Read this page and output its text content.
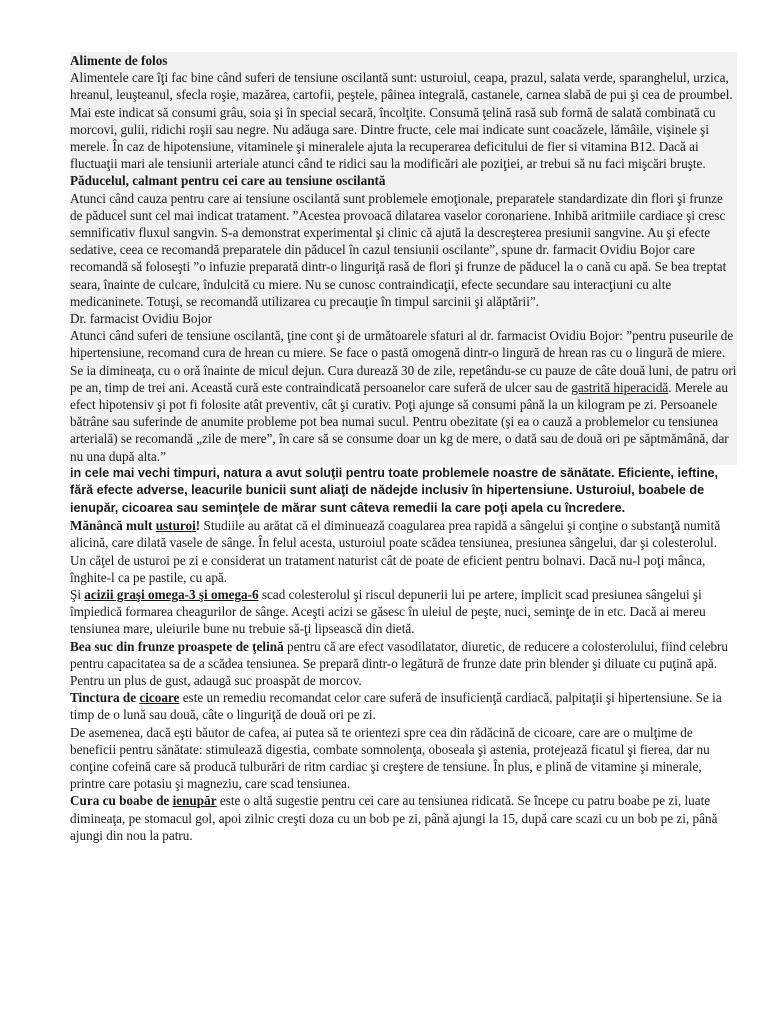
Alimente de folos

Alimentele care îţi fac bine când suferi de tensiune oscilantă sunt: usturoiul, ceapa, prazul, salata verde, sparanghelul, urzica, hreanul, leuşteanul, sfecla roşie, mazărea, cartofii, peştele, pâinea integrală, castanele, carnea slabă de pui şi cea de proumbel. Mai este indicat să consumi grâu, soia şi în special secară, încolţite. Consumă ţelină rasă sub formă de salată combinată cu morcovi, gulii, ridichi roşii sau negre. Nu adăuga sare. Dintre fructe, cele mai indicate sunt coacăzele, lămâile, vişinele şi merele. În caz de hipotensiune, vitaminele şi mineralele ajuta la recuperarea deficitului de fier si vitamina B12. Dacă ai fluctuaţii mari ale tensiunii arteriale atunci când te ridici sau la modificări ale poziţiei, ar trebui să nu faci mişcări bruşte.

Păducelul, calmant pentru cei care au tensiune oscilantă

Atunci când cauza pentru care ai tensiune oscilantă sunt problemele emoţionale, preparatele standardizate din flori şi frunze de păducel sunt cel mai indicat tratament. ”Acestea provoacă dilatarea vaselor coronariene. Inhibă aritmiile cardiace şi cresc semnificativ fluxul sangvin. S-a demonstrat experimental şi clinic că ajută la descreşterea presiunii sangvine. Au şi efecte sedative, ceea ce recomandă preparatele din păducel în cazul tensiunii oscilante”, spune dr. farmacit Ovidiu Bojor care recomandă să foloseşti ”o infuzie preparată dintr-o linguriţă rasă de flori şi frunze de păducel la o cană cu apă. Se bea treptat seara, înainte de culcare, îndulcită cu miere. Nu se cunosc contraindicaţii, efecte secundare sau interacţiuni cu alte medicaninete. Totuşi, se recomandă utilizarea cu precauţie în timpul sarcinii şi alăptării”.

Dr. farmacist Ovidiu Bojor

Atunci când suferi de tensiune oscilantă, ţine cont şi de următoarele sfaturi al dr. farmacist Ovidiu Bojor: ”pentru puseurile de hipertensiune, recomand cura de hrean cu miere. Se face o pastă omogenă dintr-o lingură de hrean ras cu o lingură de miere. Se ia dimineaţa, cu o oră înainte de micul dejun. Cura durează 30 de zile, repetându-se cu pauze de câte două luni, de patru ori pe an, timp de trei ani. Această cură este contraindicată persoanelor care suferă de ulcer sau de gastrită hiperacidă. Merele au efect hipotensiv şi pot fi folosite atât preventiv, cât şi curativ. Poţi ajunge să consumi până la un kilogram pe zi. Persoanele bătrâne sau suferinde de anumite probleme pot bea numai sucul. Pentru obezitate (şi ea o cauză a problemelor cu tensiunea arterială) se recomandă „zile de mere”, în care să se consume doar un kg de mere, o dată sau de două ori pe săptmămână, dar nu una după alta.”

in cele mai vechi timpuri, natura a avut soluţii pentru toate problemele noastre de sănătate. Eficiente, ieftine, fără efecte adverse, leacurile bunicii sunt aliaţi de nădejde inclusiv în hipertensiune. Usturoiul, boabele de ienupăr, cicoarea sau seminţele de mărar sunt câteva remedii la care poţi apela cu încredere.

Mănâncă mult usturoi! Studiile au arătat că el diminuează coagularea prea rapidă a sângelui şi conţine o substanţă numită alicină, care dilată vasele de sânge. În felul acesta, usturoiul poate scădea tensiunea, presiunea sângelui, dar şi colesterolul.

Un căţel de usturoi pe zi e considerat un tratament naturist cât de poate de eficient pentru bolnavi. Dacă nu-l poţi mânca, înghite-l ca pe pastile, cu apă.

Şi acizii graşi omega-3 şi omega-6 scad colesterolul şi riscul depunerii lui pe artere, implicit scad presiunea sângelui şi împiedică formarea cheagurilor de sânge. Aceşti acizi se găsesc în uleiul de peşte, nuci, seminţe de in etc. Dacă ai mereu tensiunea mare, uleiurile bune nu trebuie să-ţi lipsească din dietă.

Bea suc din frunze proaspete de ţelină pentru că are efect vasodilatator, diuretic, de reducere a colosterolului, fiind celebru pentru capacitatea sa de a scădea tensiunea. Se prepară dintr-o legătură de frunze date prin blender şi diluate cu puţină apă. Pentru un plus de gust, adaugă suc proaspăt de morcov.

Tinctura de cicoare este un remediu recomandat celor care suferă de insuficienţă cardiacă, palpitaţii şi hipertensiune. Se ia timp de o lună sau două, câte o linguriţă de două ori pe zi.

De asemenea, dacă eşti băutor de cafea, ai putea să te orientezi spre cea din rădăcină de cicoare, care are o mulţime de beneficii pentru sănătate: stimulează digestia, combate somnolenţa, oboseala şi astenia, protejează ficatul şi fierea, dar nu conţine cofeină care să producă tulburări de ritm cardiac şi creştere de tensiune. În plus, e plină de vitamine şi minerale, printre care potasiu şi magneziu, care scad tensiunea.

Cura cu boabe de ienupăr este o altă sugestie pentru cei care au tensiunea ridicată. Se începe cu patru boabe pe zi, luate dimineaţa, pe stomacul gol, apoi zilnic creşti doza cu un bob pe zi, până ajungi la 15, după care scazi cu un bob pe zi, până ajungi din nou la patru.
